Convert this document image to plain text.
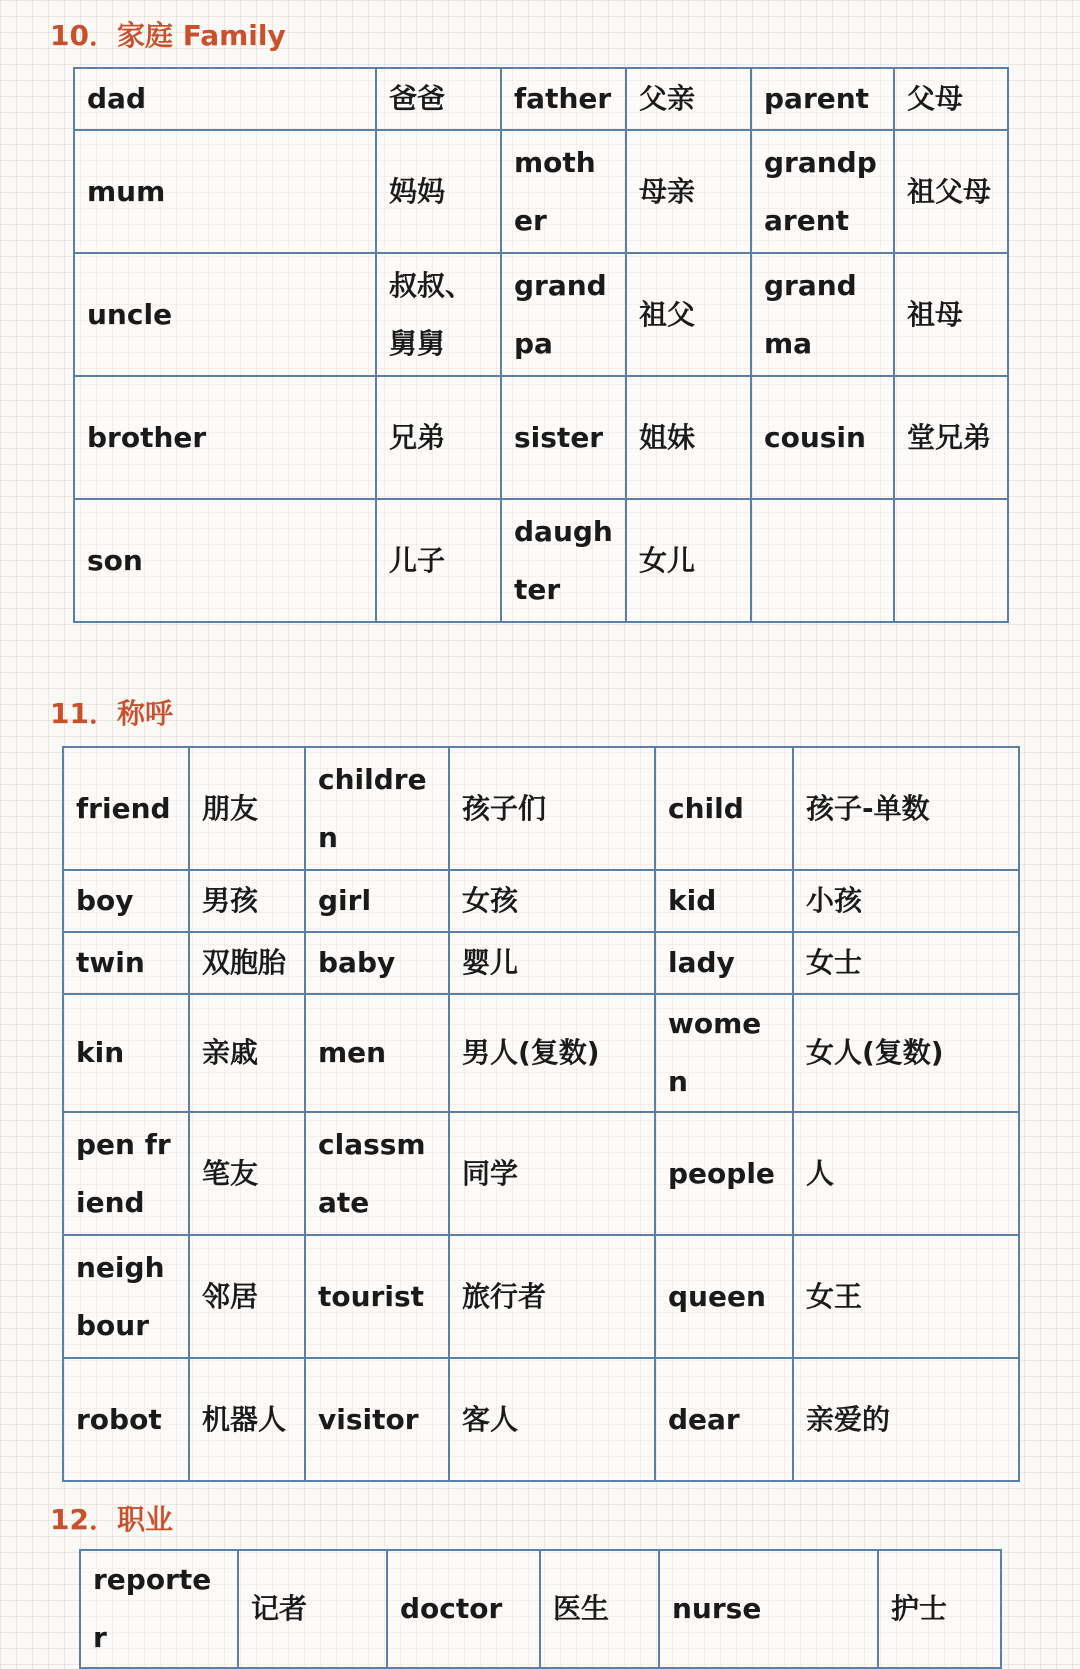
10．家庭 Family
dad	爸爸	father	父亲	parent	父母
mum	妈妈	mother	母亲	grandparent	祖父母
uncle	叔叔、舅舅	grandpa	祖父	grandma	祖母
brother	兄弟	sister	姐妹	cousin	堂兄弟
son	儿子	daughter	女儿		
11．称呼
friend	朋友	children	孩子们	child	孩子-单数
boy	男孩	girl	女孩	kid	小孩
twin	双胞胎	baby	婴儿	lady	女士
kin	亲戚	men	男人(复数)	women	女人(复数)
pen friend	笔友	classmate	同学	people	人
neighbour	邻居	tourist	旅行者	queen	女王
robot	机器人	visitor	客人	dear	亲爱的
12．职业
reporter	记者	doctor	医生	nurse	护士
